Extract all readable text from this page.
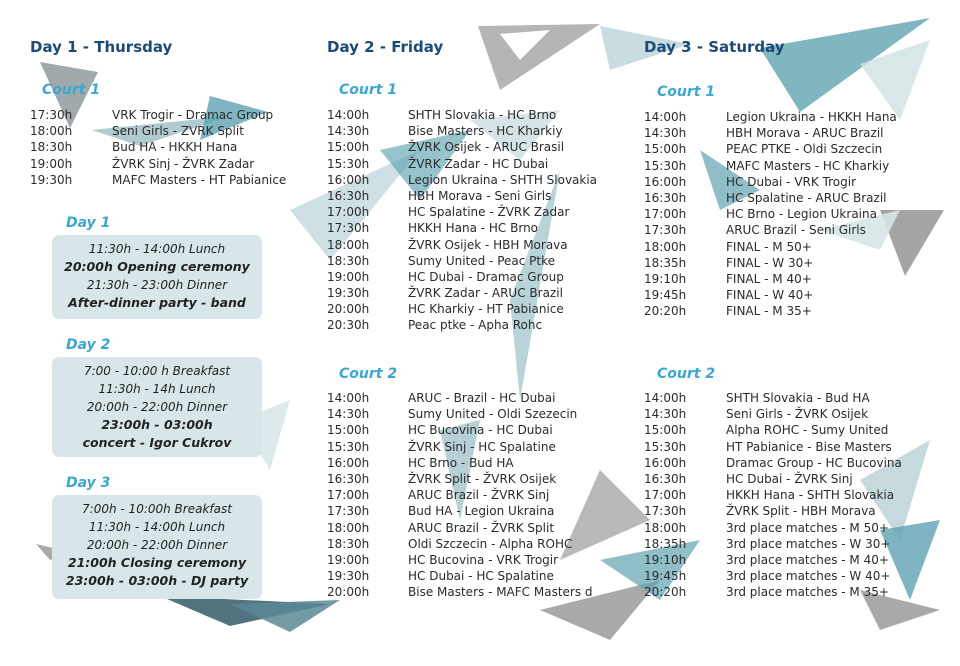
Day 1 - Thursday	Day 2 - Friday	Day 3 - Saturday
Court 1	Court 1
Court 2
Court 1
Court 2
17:30h	VRK Trogir - Dramac Group
18:00h	Seni Girls - ZVRK Split
18:30h	Bud HA - HKKH Hana
19:00h	ŽVRK Sinj - ŽVRK Zadar
19:30h	MAFC Masters - HT Pabianice
14:00h	SHTH Slovakia - HC Brno
14:30h	Bise Masters - HC Kharkiy
15:00h	ŽVRK Osijek - ARUC Brasil
15:30h	ŽVRK Zadar - HC Dubai
16:00h	Legion Ukraina - SHTH Slovakia
16:30h	HBH Morava - Seni Girls
17:00h	HC Spalatine - ŽVRK Zadar
17:30h	HKKH Hana - HC Brno
18:00h	ŽVRK Osijek - HBH Morava
18:30h	Sumy United - Peac Ptke
19:00h	HC Dubai - Dramac Group
19:30h	ŽVRK Zadar - ARUC Brazil
20:00h	HC Kharkiy - HT Pabianice
20:30h	Peac ptke - Apha Rohc
14:00h	ARUC - Brazil - HC Dubai
14:30h	Sumy United - Oldi Szezecin
15:00h	HC Bucovina - HC Dubai
15:30h	ŽVRK Sinj - HC Spalatine
16:00h	HC Brno - Bud HA
16:30h	ŽVRK Split - ŽVRK Osijek
17:00h	ARUC Brazil - ŽVRK Sinj
17:30h	Bud HA - Legion Ukraina
18:00h	ARUC Brazil - ŽVRK Split
18:30h	Oldi Szczecin - Alpha ROHC
19:00h	HC Bucovina - VRK Trogir
19:30h	HC Dubai - HC Spalatine
20:00h	Bise Masters - MAFC Masters d
14:00h	Legion Ukraina - HKKH Hana
14:30h	HBH Morava - ARUC Brazil
15:00h	PEAC PTKE - Oldi Szczecin
15:30h	MAFC Masters - HC Kharkiy
16:00h	HC Dubai - VRK Trogir
16:30h	HC Spalatine - ARUC Brazil
17:00h	HC Brno - Legion Ukraina
17:30h	ARUC Brazil - Seni Girls
18:00h	FINAL - M 50+
18:35h	FINAL - W 30+
19:10h	FINAL - M 40+
19:45h	FINAL - W 40+
20:20h	FINAL - M 35+
14:00h	SHTH Slovakia - Bud HA
14:30h	Seni Girls - ŽVRK Osijek
15:00h	Alpha ROHC - Sumy United
15:30h	HT Pabianice - Bise Masters
16:00h	Dramac Group - HC Bucovina
16:30h	HC Dubai - ŽVRK Sinj
17:00h	HKKH Hana - SHTH Slovakia
17:30h	ŽVRK Split - HBH Morava
18:00h	3rd place matches - M 50+
18:35h	3rd place matches - W 30+
19:10h	3rd place matches - M 40+
19:45h	3rd place matches - W 40+
20:20h	3rd place matches - M 35+
Day 1
11:30h - 14:00h Lunch
20:00h Opening ceremony
21:30h - 23:00h Dinner
After-dinner party - band
Day 2
7:00 - 10:00 h Breakfast
11:30h - 14h Lunch
20:00h - 22:00h Dinner
23:00h - 03:00h
concert - Igor Cukrov
Day 3
7:00h - 10:00h Breakfast
11:30h - 14:00h Lunch
20:00h - 22:00h Dinner
21:00h Closing ceremony
23:00h - 03:00h - DJ party
